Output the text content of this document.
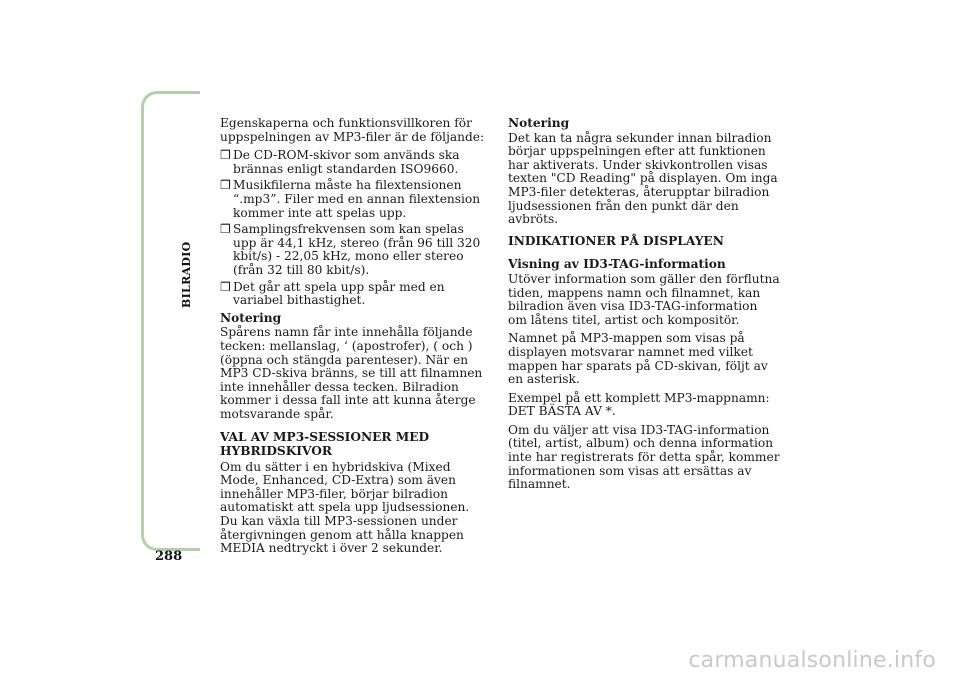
BILRADIO
288

Egenskaperna och funktionsvillkoren för uppspelningen av MP3-filer är de följande:

❒ De CD-ROM-skivor som används ska brännas enligt standarden ISO9660.
❒ Musikfilerna måste ha filextensionen “.mp3”. Filer med en annan filextension kommer inte att spelas upp.
❒ Samplingsfrekvensen som kan spelas upp är 44,1 kHz, stereo (från 96 till 320 kbit/s) - 22,05 kHz, mono eller stereo (från 32 till 80 kbit/s).
❒ Det går att spela upp spår med en variabel bithastighet.
Notering

Spårens namn får inte innehålla följande tecken: mellanslag, ‘ (apostrofer), ( och ) (öppna och stängda parenteser). När en MP3 CD-skiva bränns, se till att filnamnen inte innehåller dessa tecken. Bilradion kommer i dessa fall inte att kunna återge motsvarande spår.

VAL AV MP3-SESSIONER MED HYBRIDSKIVOR

Om du sätter i en hybridskiva (Mixed Mode, Enhanced, CD-Extra) som även innehåller MP3-filer, börjar bilradion automatiskt att spela upp ljudsessionen. Du kan växla till MP3-sessionen under återgivningen genom att hålla knappen MEDIA nedtryckt i över 2 sekunder.

Notering

Det kan ta några sekunder innan bilradion börjar uppspelningen efter att funktionen har aktiverats. Under skivkontrollen visas texten "CD Reading" på displayen. Om inga MP3-filer detekteras, återupptar bilradion ljudsessionen från den punkt där den avbröts.

INDIKATIONER PÅ DISPLAYEN
Visning av ID3-TAG-information

Utöver information som gäller den förflutna tiden, mappens namn och filnamnet, kan bilradion även visa ID3-TAG-information om låtens titel, artist och kompositör.

Namnet på MP3-mappen som visas på displayen motsvarar namnet med vilket mappen har sparats på CD-skivan, följt av en asterisk.

Exempel på ett komplett MP3-mappnamn: DET BÄSTA AV *.

Om du väljer att visa ID3-TAG-information (titel, artist, album) och denna information inte har registrerats för detta spår, kommer informationen som visas att ersättas av filnamnet.

carmanualsonline.info
